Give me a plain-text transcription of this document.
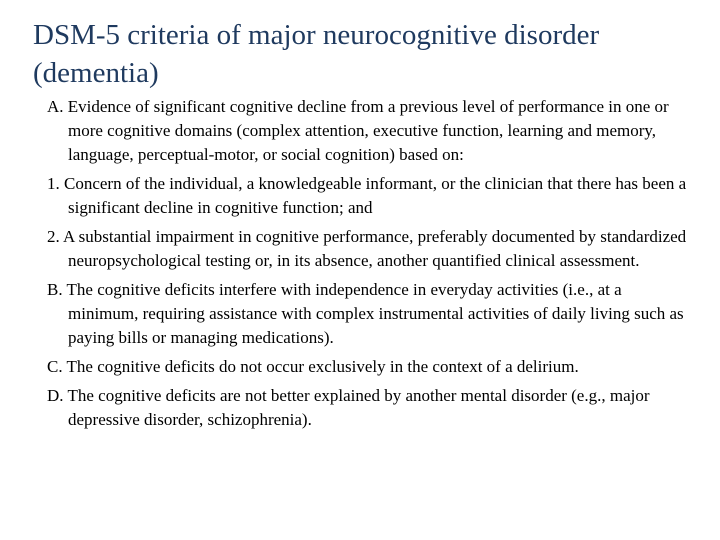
DSM-5 criteria of major neurocognitive disorder (dementia)
A. Evidence of significant cognitive decline from a previous level of performance in one or more cognitive domains (complex attention, executive function, learning and memory, language, perceptual-motor, or social cognition) based on:
1. Concern of the individual, a knowledgeable informant, or the clinician that there has been a significant decline in cognitive function; and
2. A substantial impairment in cognitive performance, preferably documented by standardized neuropsychological testing or, in its absence, another quantified clinical assessment.
B. The cognitive deficits interfere with independence in everyday activities (i.e., at a minimum, requiring assistance with complex instrumental activities of daily living such as paying bills or managing medications).
C. The cognitive deficits do not occur exclusively in the context of a delirium.
D. The cognitive deficits are not better explained by another mental disorder (e.g., major depressive disorder, schizophrenia).
